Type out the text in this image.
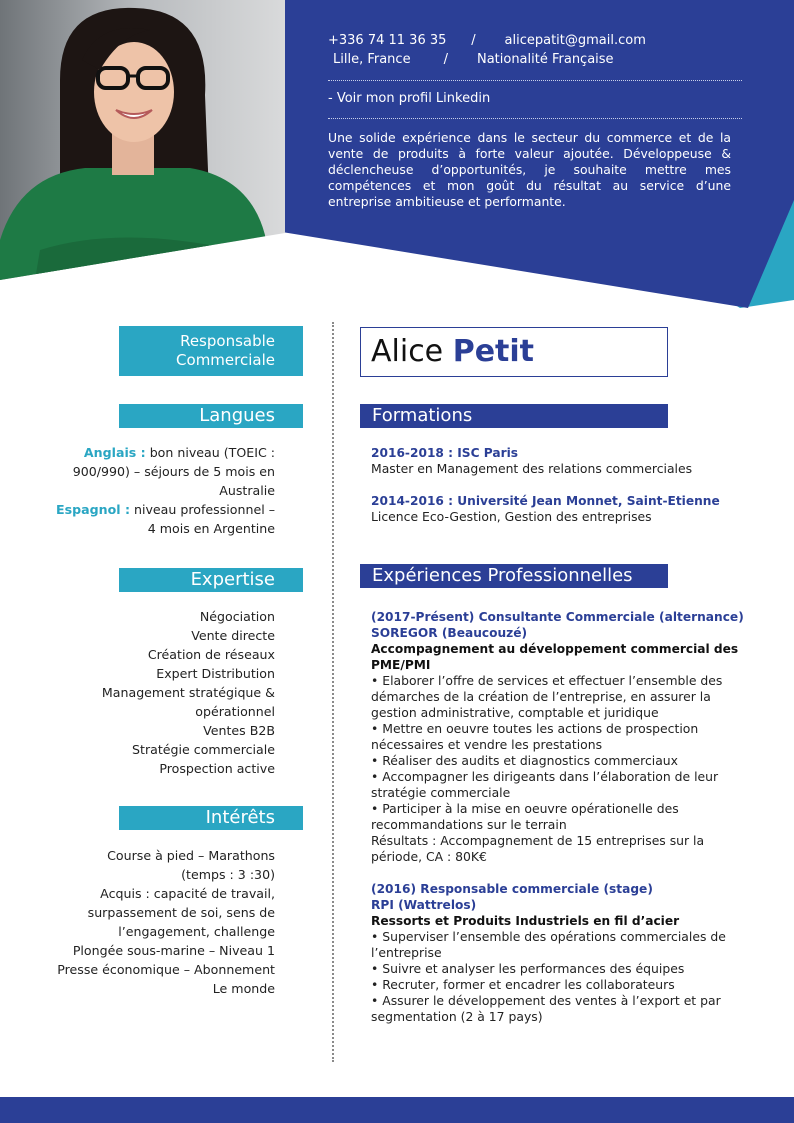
+336 74 11 36 35 / alicepatit@gmail.com
Lille, France	/ Nationalité Française
- Voir mon profil Linkedin
Une solide expérience dans le secteur du commerce et de la vente de produits à forte valeur ajoutée. Développeuse & déclencheuse d’opportunités, je souhaite mettre mes compétences et mon goût du résultat au service d’une entreprise ambitieuse et performante.
Responsable
Commerciale
Langues
Anglais : bon niveau (TOEIC :
900/990) – séjours de 5 mois en
Australie
Espagnol : niveau professionnel –
4 mois en Argentine
Expertise
Négociation
Vente directe
Création de réseaux
Expert Distribution
Management stratégique &
opérationnel
Ventes B2B
Stratégie commerciale
Prospection active
Intérêts
Course à pied – Marathons
(temps : 3 :30)
Acquis : capacité de travail,
surpassement de soi, sens de
l’engagement, challenge
Plongée sous-marine – Niveau 1
Presse économique – Abonnement
Le monde
Alice Petit
Formations
2016-2018 : ISC Paris
Master en Management des relations commerciales
2014-2016 : Université Jean Monnet, Saint-Etienne
Licence Eco-Gestion, Gestion des entreprises
Expériences Professionnelles
(2017-Présent) Consultante Commerciale (alternance)
SOREGOR (Beaucouzé)
Accompagnement au développement commercial des
PME/PMI
• Elaborer l’offre de services et effectuer l’ensemble des
démarches de la création de l’entreprise, en assurer la
gestion administrative, comptable et juridique
• Mettre en oeuvre toutes les actions de prospection
nécessaires et vendre les prestations
• Réaliser des audits et diagnostics commerciaux
• Accompagner les dirigeants dans l’élaboration de leur
stratégie commerciale
• Participer à la mise en oeuvre opérationelle des
recommandations sur le terrain
Résultats : Accompagnement de 15 entreprises sur la
période, CA : 80K€
(2016) Responsable commerciale (stage)
RPI (Wattrelos)
Ressorts et Produits Industriels en fil d’acier
• Superviser l’ensemble des opérations commerciales de
l’entreprise
• Suivre et analyser les performances des équipes
• Recruter, former et encadrer les collaborateurs
• Assurer le développement des ventes à l’export et par
segmentation (2 à 17 pays)
